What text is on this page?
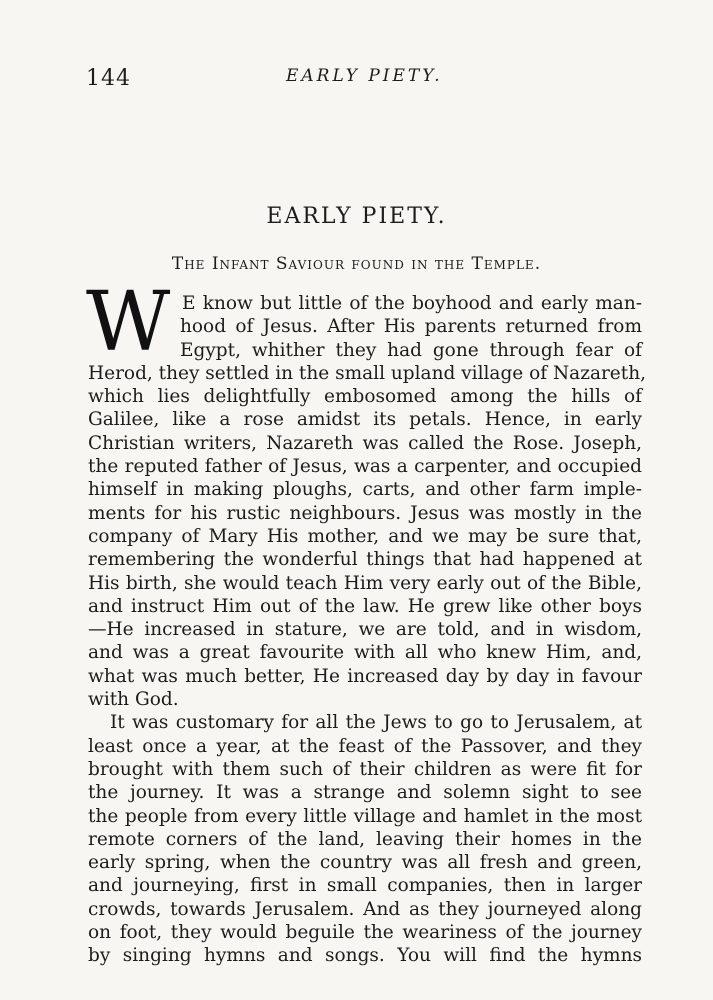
144	EARLY PIETY.
EARLY PIETY.
The Infant Saviour found in the Temple.
W E know but little of the boyhood and early man-
hood of Jesus. After His parents returned from
Egypt, whither they had gone through fear of
Herod, they settled in the small upland village of Nazareth,
which lies delightfully embosomed among the hills of
Galilee, like a rose amidst its petals. Hence, in early
Christian writers, Nazareth was called the Rose. Joseph,
the reputed father of Jesus, was a carpenter, and occupied
himself in making ploughs, carts, and other farm imple-
ments for his rustic neighbours. Jesus was mostly in the
company of Mary His mother, and we may be sure that,
remembering the wonderful things that had happened at
His birth, she would teach Him very early out of the Bible,
and instruct Him out of the law. He grew like other boys
—He increased in stature, we are told, and in wisdom,
and was a great favourite with all who knew Him, and,
what was much better, He increased day by day in favour
with God.
It was customary for all the Jews to go to Jerusalem, at
least once a year, at the feast of the Passover, and they
brought with them such of their children as were fit for
the journey. It was a strange and solemn sight to see
the people from every little village and hamlet in the most
remote corners of the land, leaving their homes in the
early spring, when the country was all fresh and green,
and journeying, first in small companies, then in larger
crowds, towards Jerusalem. And as they journeyed along
on foot, they would beguile the weariness of the journey
by singing hymns and songs. You will find the hymns
